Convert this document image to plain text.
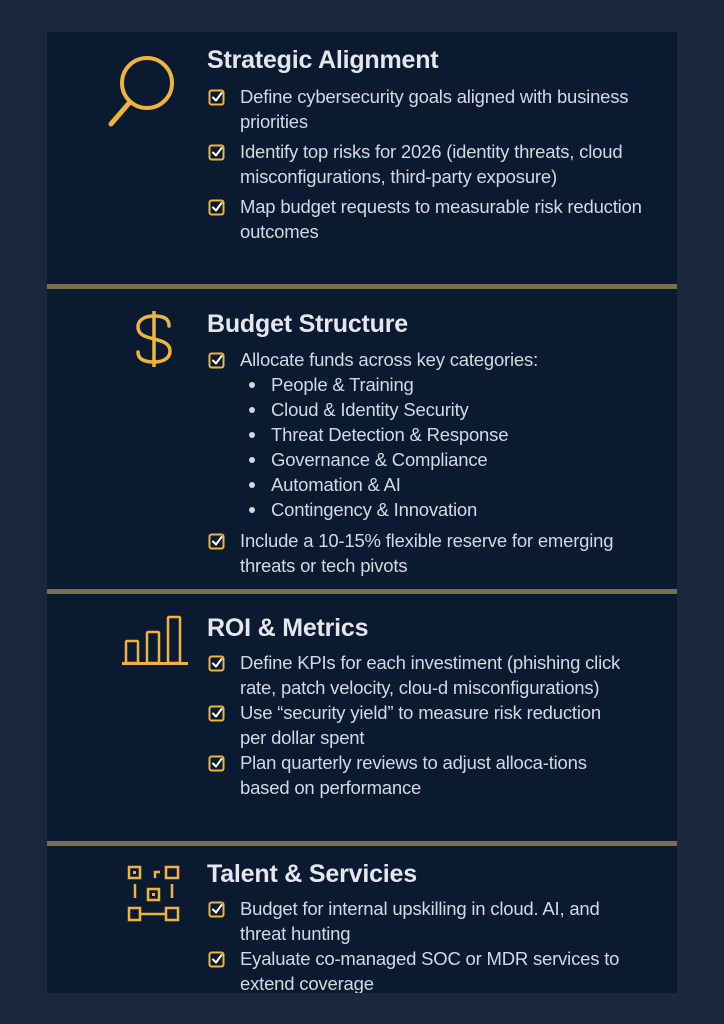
Strategic Alignment
Define cybersecurity goals aligned with business priorities
Identify top risks for 2026 (identity threats, cloud misconfigurations, third-party exposure)
Map budget requests to measurable risk reduction outcomes
Budget Structure
Allocate funds across key categories:
People & Training
Cloud & Identity Security
Threat Detection & Response
Governance & Compliance
Automation & AI
Contingency & Innovation
Include a 10-15% flexible reserve for emerging threats or tech pivots
ROI & Metrics
Define KPIs for each investiment (phishing click rate, patch velocity, clou-d misconfigurations)
Use “security yield” to measure risk reduction per dollar spent
Plan quarterly reviews to adjust alloca-tions based on performance
Talent & Servicies
Budget for internal upskilling in cloud. AI, and threat hunting
Eyaluate co-managed SOC or MDR services to extend coverage
